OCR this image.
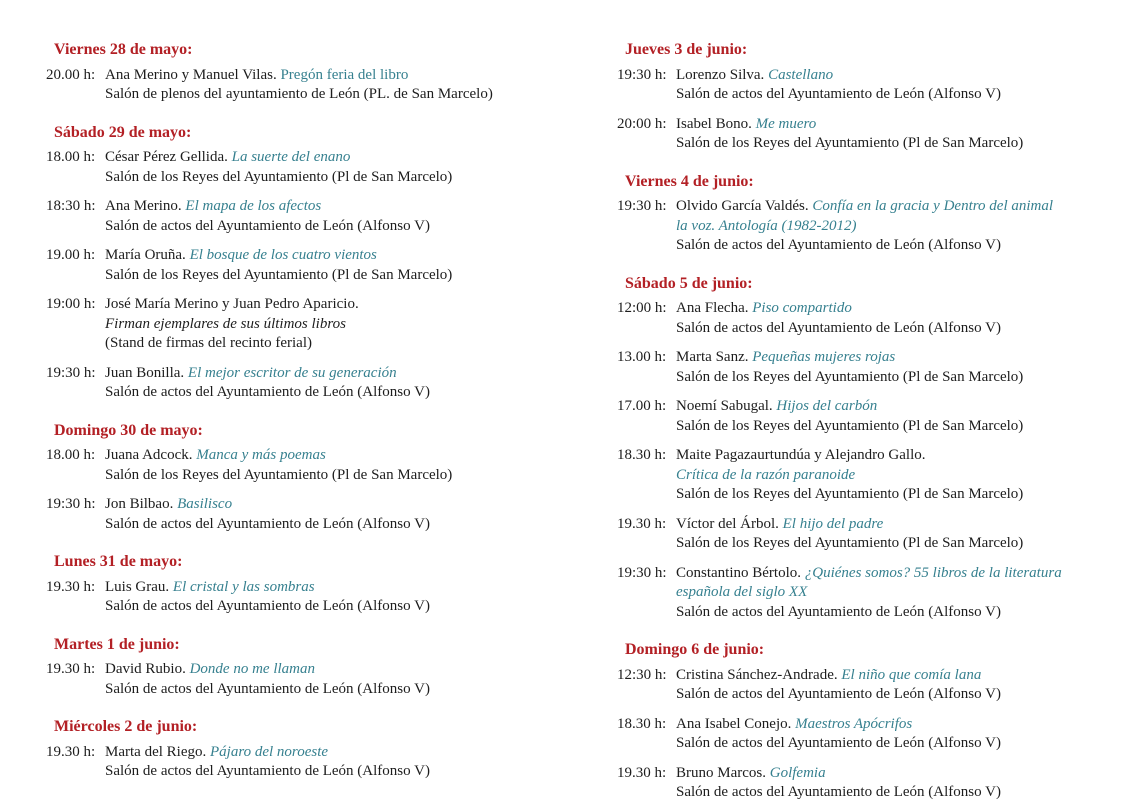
Viernes 28 de mayo:
20.00 h: Ana Merino y Manuel Vilas. Pregón feria del libro
Salón de plenos del ayuntamiento de León (PL. de San Marcelo)
Sábado 29 de mayo:
18.00 h: César Pérez Gellida. La suerte del enano
Salón de los Reyes del Ayuntamiento (Pl de San Marcelo)
18:30 h: Ana Merino. El mapa de los afectos
Salón de actos del Ayuntamiento de León (Alfonso V)
19.00 h: María Oruña. El bosque de los cuatro vientos
Salón de los Reyes del Ayuntamiento (Pl de San Marcelo)
19:00 h: José María Merino y Juan Pedro Aparicio.
Firman ejemplares de sus últimos libros
(Stand de firmas del recinto ferial)
19:30 h: Juan Bonilla. El mejor escritor de su generación
Salón de actos del Ayuntamiento de León (Alfonso V)
Domingo 30 de mayo:
18.00 h: Juana Adcock. Manca y más poemas
Salón de los Reyes del Ayuntamiento (Pl de San Marcelo)
19:30 h: Jon Bilbao. Basilisco
Salón de actos del Ayuntamiento de León (Alfonso V)
Lunes 31 de mayo:
19.30 h: Luis Grau. El cristal y las sombras
Salón de actos del Ayuntamiento de León (Alfonso V)
Martes 1 de junio:
19.30 h: David Rubio. Donde no me llaman
Salón de actos del Ayuntamiento de León (Alfonso V)
Miércoles 2 de junio:
19.30 h: Marta del Riego. Pájaro del noroeste
Salón de actos del Ayuntamiento de León (Alfonso V)
Jueves 3 de junio:
19:30 h: Lorenzo Silva. Castellano
Salón de actos del Ayuntamiento de León (Alfonso V)
20:00 h: Isabel Bono. Me muero
Salón de los Reyes del Ayuntamiento (Pl de San Marcelo)
Viernes 4 de junio:
19:30 h: Olvido García Valdés. Confía en la gracia y Dentro del animal
la voz. Antología (1982-2012)
Salón de actos del Ayuntamiento de León (Alfonso V)
Sábado 5 de junio:
12:00 h: Ana Flecha. Piso compartido
Salón de actos del Ayuntamiento de León (Alfonso V)
13.00 h: Marta Sanz. Pequeñas mujeres rojas
Salón de los Reyes del Ayuntamiento (Pl de San Marcelo)
17.00 h: Noemí Sabugal. Hijos del carbón
Salón de los Reyes del Ayuntamiento (Pl de San Marcelo)
18.30 h: Maite Pagazaurtundúa y Alejandro Gallo.
Crítica de la razón paranoide
Salón de los Reyes del Ayuntamiento (Pl de San Marcelo)
19.30 h: Víctor del Árbol. El hijo del padre
Salón de los Reyes del Ayuntamiento (Pl de San Marcelo)
19:30 h: Constantino Bértolo. ¿Quiénes somos? 55 libros de la literatura
española del siglo XX
Salón de actos del Ayuntamiento de León (Alfonso V)
Domingo 6 de junio:
12:30 h: Cristina Sánchez-Andrade. El niño que comía lana
Salón de actos del Ayuntamiento de León (Alfonso V)
18.30 h: Ana Isabel Conejo. Maestros Apócrifos
Salón de actos del Ayuntamiento de León (Alfonso V)
19.30 h: Bruno Marcos. Golfemia
Salón de actos del Ayuntamiento de León (Alfonso V)
